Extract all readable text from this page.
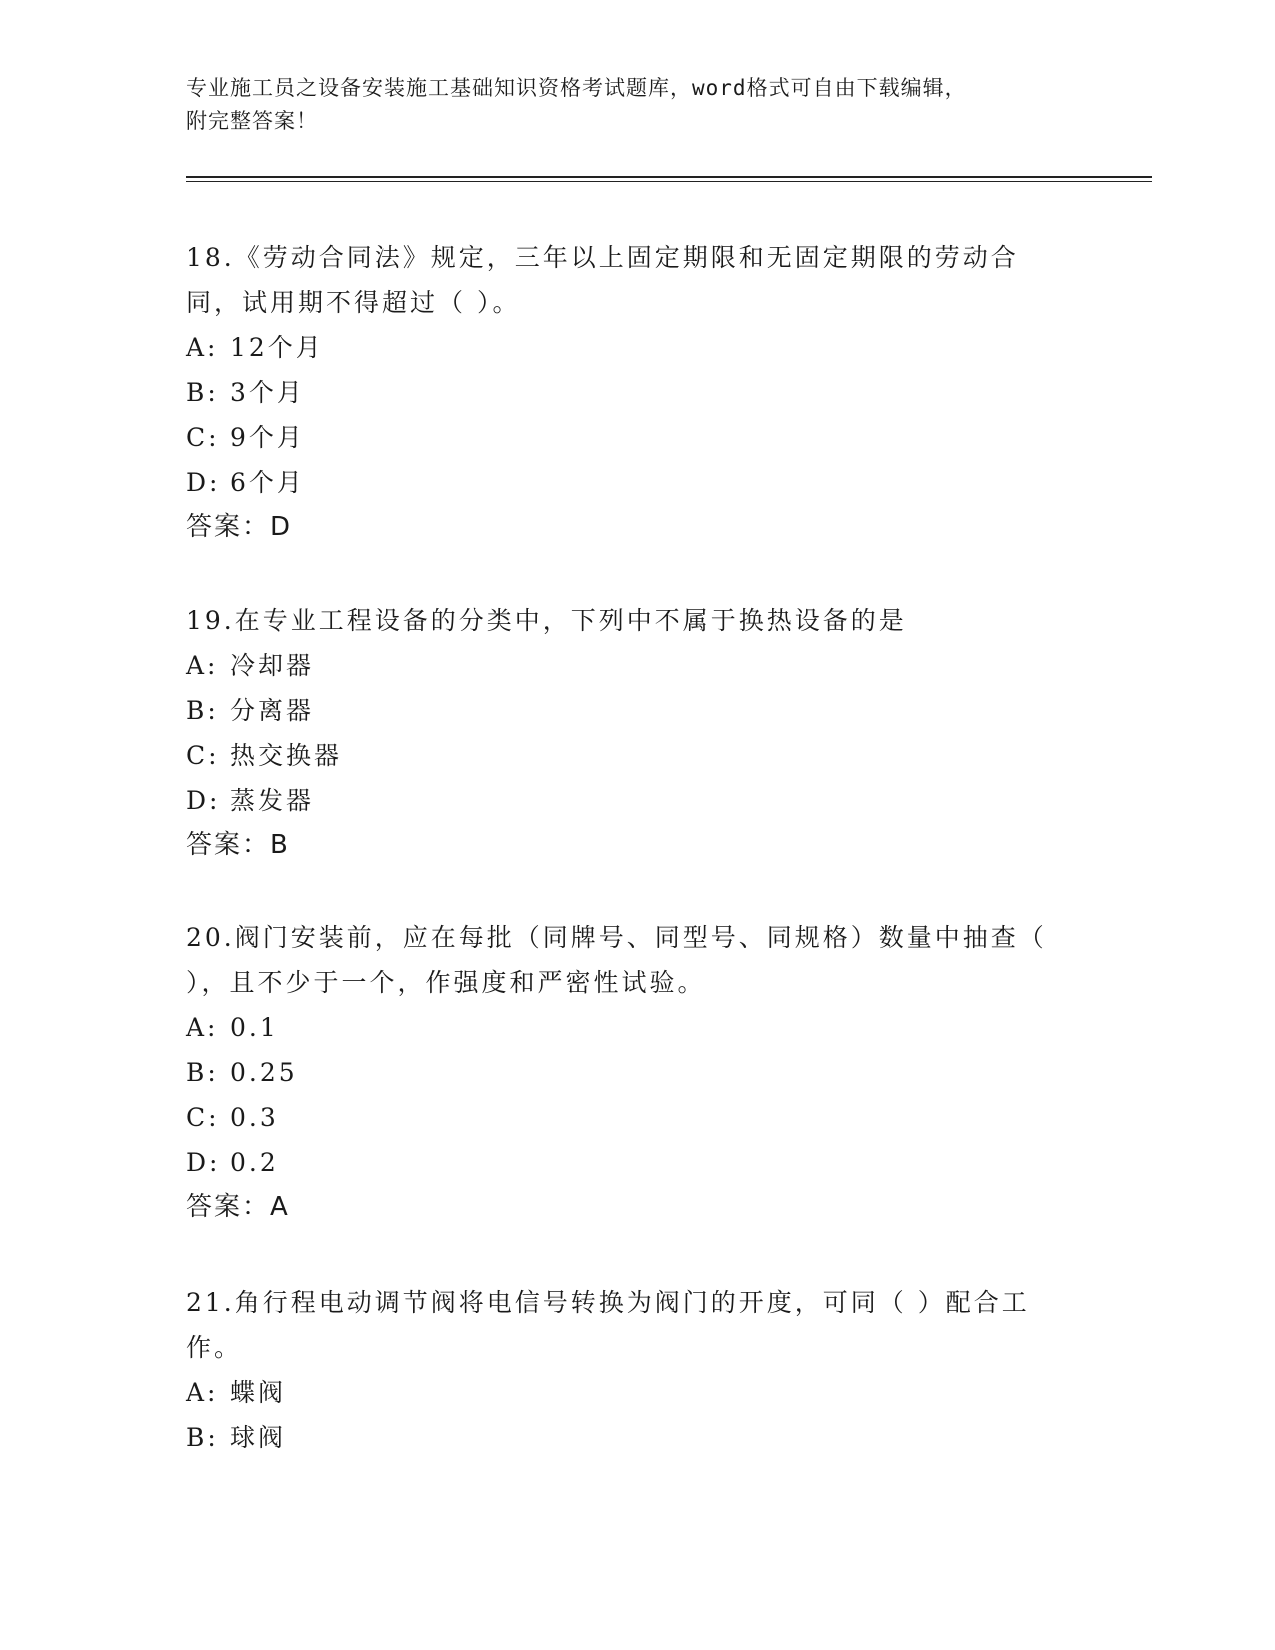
专业施工员之设备安装施工基础知识资格考试题库，word格式可自由下载编辑，
附完整答案！

18.《劳动合同法》规定，三年以上固定期限和无固定期限的劳动合同，试用期不得超过（ ）。

A: 12个月

B: 3个月

C: 9个月

D: 6个月

答案：D

19.在专业工程设备的分类中，下列中不属于换热设备的是

A: 冷却器

B: 分离器

C: 热交换器

D: 蒸发器

答案：B

20.阀门安装前，应在每批（同牌号、同型号、同规格）数量中抽查（ ），且不少于一个，作强度和严密性试验。

A: 0.1

B: 0.25

C: 0.3

D: 0.2

答案：A

21.角行程电动调节阀将电信号转换为阀门的开度，可同（ ）配合工作。

A: 蝶阀

B: 球阀
